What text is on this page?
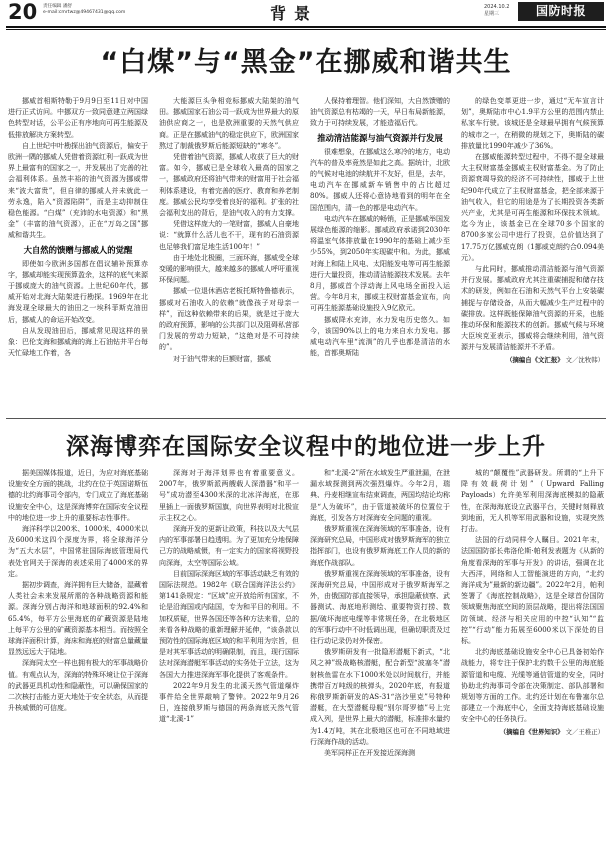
20 责任编辑 潘舒
e-mail:cmrtwz@49467431@qq.com	背景	2024.10.2
星期三	国防时报
“白煤”与“黑金”在挪威和谐共生

挪威首相斯特勒于9月9日至11日对中国进行正式访问。中挪双方一致同意建立两国绿色转型对话，公平公正有序地向可再生能源及低排放解决方案转型。

自上世纪中叶勘探出油气资源后，偏安于欧洲一隅的挪威人凭借着资源红利一跃成为世界上最富有的国家之一，并发展出了完善的社会福利体系。虽然丰裕的油气资源为挪威带来“波大富贵”，但自律的挪威人并未就此一劳永逸，陷入“资源陷阱”，而是主动抑制住稳色能源。“白煤”（充沛的水电资源）和“黑金”（丰富的油气资源），正在“万岛之国”挪威和谐共生。

大自然的馈赠与挪威人的觉醒

即使如今欧洲多国都在倡议辅补预算赤字，挪威却能实现预算盈余，这样的底气来源于挪威庞大的油气资源。上世纪60年代，挪威开始对北海大陆架进行勘探。1969年在北海发现全球最大的油田之一埃科菲斯克油田后，挪威人的命运开始改变。

自从发现油田后，挪威常见现这样的景象：巴伦支海和挪威海的海上石油钻井平台每天忙碌地工作着，各

大能源巨头争相竞标挪威大陆架的油气田。挪威国家石油公司一跃成为世界最大的原油供应商之一，也是欧洲重要的天然气供应商。正是在挪威油气的稳定供应下，欧洲国家熬过了制裁俄罗斯后能源短缺的“寒冬”。

凭借着油气资源，挪威人收获了巨大的财富。如今，挪威已是全球收入最高的国家之一，挪威政府还将油气带来的财富用于社会福利体系建设，有着完善的医疗、教育和养老制度。挪威公民均享受着良好的福利。扩张的社会福利支出的背后，是油气收入的有力支撑。

凭借这样庞大的一笔财富，挪威人自豪地说：“就算什么活儿也不干，现有的石油资源也足够我们富足地生活100年！”

由于地处北极圈，三面环海，挪威受全球变暖的影响很大，越来越多的挪威人呼吁重视环保问题。

挪威一位退休酒店老板托斯特鲁德表示，挪威对石油收入的依赖“就像孩子对母亲一样”，而这种依赖带来的后果，就是过于庞大的政府预算，影响的公共部门以及阻碍私营部门发展的劳动力短缺，“这绝对是不可持续的”。

对于油气带来的巨额财富，挪威

人保持着理智。他们深知，大自然馈赠的油气资源总有枯竭的一天，早日布局新能源，致力于可持续发展，才能造福后代。

推动清洁能源与油气资源并行发展

很难想象，在挪威这么寒冷的地方，电动汽车的普及率竟然是如此之高。据统计，北欧的气候对电池的续航并不友好，但是，去年，电动汽车在挪威新车销售中的占比超过80%。挪威人还将心意协地看到的明年在全国范围内，清一色的都是电动汽车。

电动汽车在挪威的畅销，正是挪威举国发展绿色能源的缩影。挪威政府承诺到2030年将温室气体排放量在1990年的基础上减少至少55%，到2050年实现碳中和。为此，挪威对海上和陆上风电、太阳能发电等可再生能源进行大量投资，推动清洁能源技术发展。去年8月，挪威首个浮动海上风电场全面投入运营。今年8月末，挪威主权财富基金宣布，向可再生能源基础设施投入9亿欧元。

挪威降水充沛，水力发电历史悠久。如今，该国90%以上的电力来自水力发电。挪威电动汽车里“流淌”的几乎也都是清洁的水能，首都奥斯陆

的绿色变革更进一步，通过“无车宣言计划”，奥斯陆市中心1.9平方公里的范围内禁止私家车行驶。该城还是全球最早拥有气候预算的城市之一，在稍微的规划之下，奥斯陆的碳排放量比1990年减少了36%。

在挪威能源转型过程中，不得不提全球最大主权财富基金挪威主权财富基金。为了防止资源衰竭导致的经济不可持续性，挪威于上世纪90年代成立了主权财富基金，把全部来源于油气收入，但它的用途是为了长期投资各类新兴产业，尤其是可再生能源和环保技术领域。迄今为止，该基金已在全球70多个国家的8700多家公司中进行了投资，总价值达到了17.75万亿挪威克朗（1挪威克朗约合0.094美元）。

与此同时，挪威推动清洁能源与油气资源并行发展。挪威政府尤其注重碳捕捉和储存技术的研发，例如在石油和天然气平台上安装碳捕捉与存储设备，从而大幅减少生产过程中的碳排放。这样既能保障油气资源的开采，也能推动环保和能源技术的创新。挪威气候与环境大臣埃克亚表示，挪威将会继续利用，油气资源并与发展清洁能源并不矛盾。

（摘编自《文汇报》 文／沈牧韩）
深海博弈在国际安全议程中的地位进一步上升

据美国媒体报道，近日，为应对海底基础设施安全方面的挑战，北约在位于英国诺斯伍德的北约海事司令部内，专门成立了海底基础设施安全中心，这是深海博弈在国际安全议程中的地位进一步上升的重要标志性事件。

海洋科学以200米、1000米、4000米以及6000米这四个深度为界，将全球海洋分为“五大水层”，中国常驻国际海底管理局代表处官网关于深海的表述采用了4000米的界定。

据初步调查，海洋拥有巨大储备，湿藏着人类社会未来发展所需的各种战略资源和能源。深海分别占海洋和地球面积的92.4%和65.4%，每平方公里海底的矿藏资源是陆地上每平方公里的矿藏资源基本相当。而按照全球海洋面积计算，海床和海底的财富总量藏量显然远远大于陆地。

深海同太空一样也拥有极大的军事战略价值。有观点认为，深海的特殊环境让位于深海的武器更具机动性和隐蔽性，可以确保国家的二次核打击能力更大地处于安全状态，从而提升核威慑的可信度。

深海对于海洋划界也有着重要意义。2007年，俄罗斯派两艘载人深潜器“和平一号”成功潜至4300米深的北冰洋海底，在那里插上一面俄罗斯国旗，向世界表明对北极宣示主权之心。

深海开发的更新让政策，科技以及大气层内的军事部署日趋透明。为了更加充分地保障己方的战略威慑，有一定实力的国家将视野投向深海，太空等国际公域。

目前国际深海区域的军事活动缺乏有效的国际法规范。1982年《联合国海洋法公约》第141条规定：“区域”应开放给所有国家，不论是沿海国或内陆国，专为和平目的利用。不加权质疑，世界各国还等各种方法来看，总的来看各种战略的重新理解并延伸，“该条款以预防性的国际海底区域的和平利用为宗旨，但是对其军事活动的明确限制，而且，现行国际法对深海潜艇军事活动的实务处于立法，这为各国大力推进深海军事化提供了客观条件。

2022年9月发生的北溪天然气管道爆炸事件给全世界敲响了警钟。2022年9月26日，连接俄罗斯与德国的两条海底天然气管道“北溪-1”

和“北溪-2”所在水域发生严重泄漏，在泄漏水域探测到两次强烈爆炸。今年2月，瑞典、丹麦相继宣布结束调查，两国均结论均称是“人为破坏”，由于管道被破坏的位置位于海底，引发各方对深海安全问题的重视。

俄罗斯重视在深海领域的军事准备，设有深海研究总局，中国形成对俄罗斯海军的独立指挥部门，也设有俄罗斯海底工作人员的新的海底作战部队。

俄罗斯重视在深海领域的军事准备，设有深海研究总局，中国形成对于俄罗斯海军之外，由俄国防部直接领导，承担隐蔽侦察、武器测试、海底地形测绘、重要物资打捞、数据/破坏海底电缆等非常规任务，在北极地区的军事行动中不时低调出现，但确切职责及过往行动记录仍对外保密。

俄罗斯研发有一批隐形潜艇下新式，“北风之神”级战略核潜艇，配合新型“波塞冬”潜射核鱼雷在水下1000米处以时间航行，并能携带百万吨级的核弹头，2020年底，有报道称俄罗斯新研发的AS-31“洛沙里克”号特种潜艇，在大型潜艇母舰“别尔哥罗德”号上完成入列，是世界上最大的潜艇，标准排水量约为1.4万吨，其在北极地区也可在不同地域进行深海作战的活动。

美军同样正在开发接近深海测

城的“颠覆性”武器研发。所谓的“上升下降有效载荷计划”（Upward Falling Payloads）允许美军利用深海底模拟的隐蔽性，在深海海底设立武器平台，关键时刻释放到地面，无人机等军用武器和设施，实现突然打击。

法国的行动同样令人瞩目。2021年末，法国国防部长弗洛伦斯·帕利发表题为《从新的角度看深海的军事与开发》的讲话，强调在北大西洋，网络和人工智能演进的方向，“北约海洋成为”最新的新边疆”。2022年2月，帕利签署了《海底控制战略》，这是全球首份国防领域聚焦海底空间的顶层战略，提出将法国国防领域、经济与相关应用的中控“认知”“监控”“行动”能力拓展至6000米以下深处的目标。

北约海底基础设施安全中心已具备初始作战能力，将专注于保护北约数千公里的海底能源管道和电缆、光缆等通信管道的安全，同时协助北约海事司令部在决策制定、部队部署和规划等方面的工作。北约还计划在布鲁塞尔总部建立一个海底中心，全面支持海底基础设施安全中心的任务执行。

（摘编自《世界知识》 文／王稚正）
